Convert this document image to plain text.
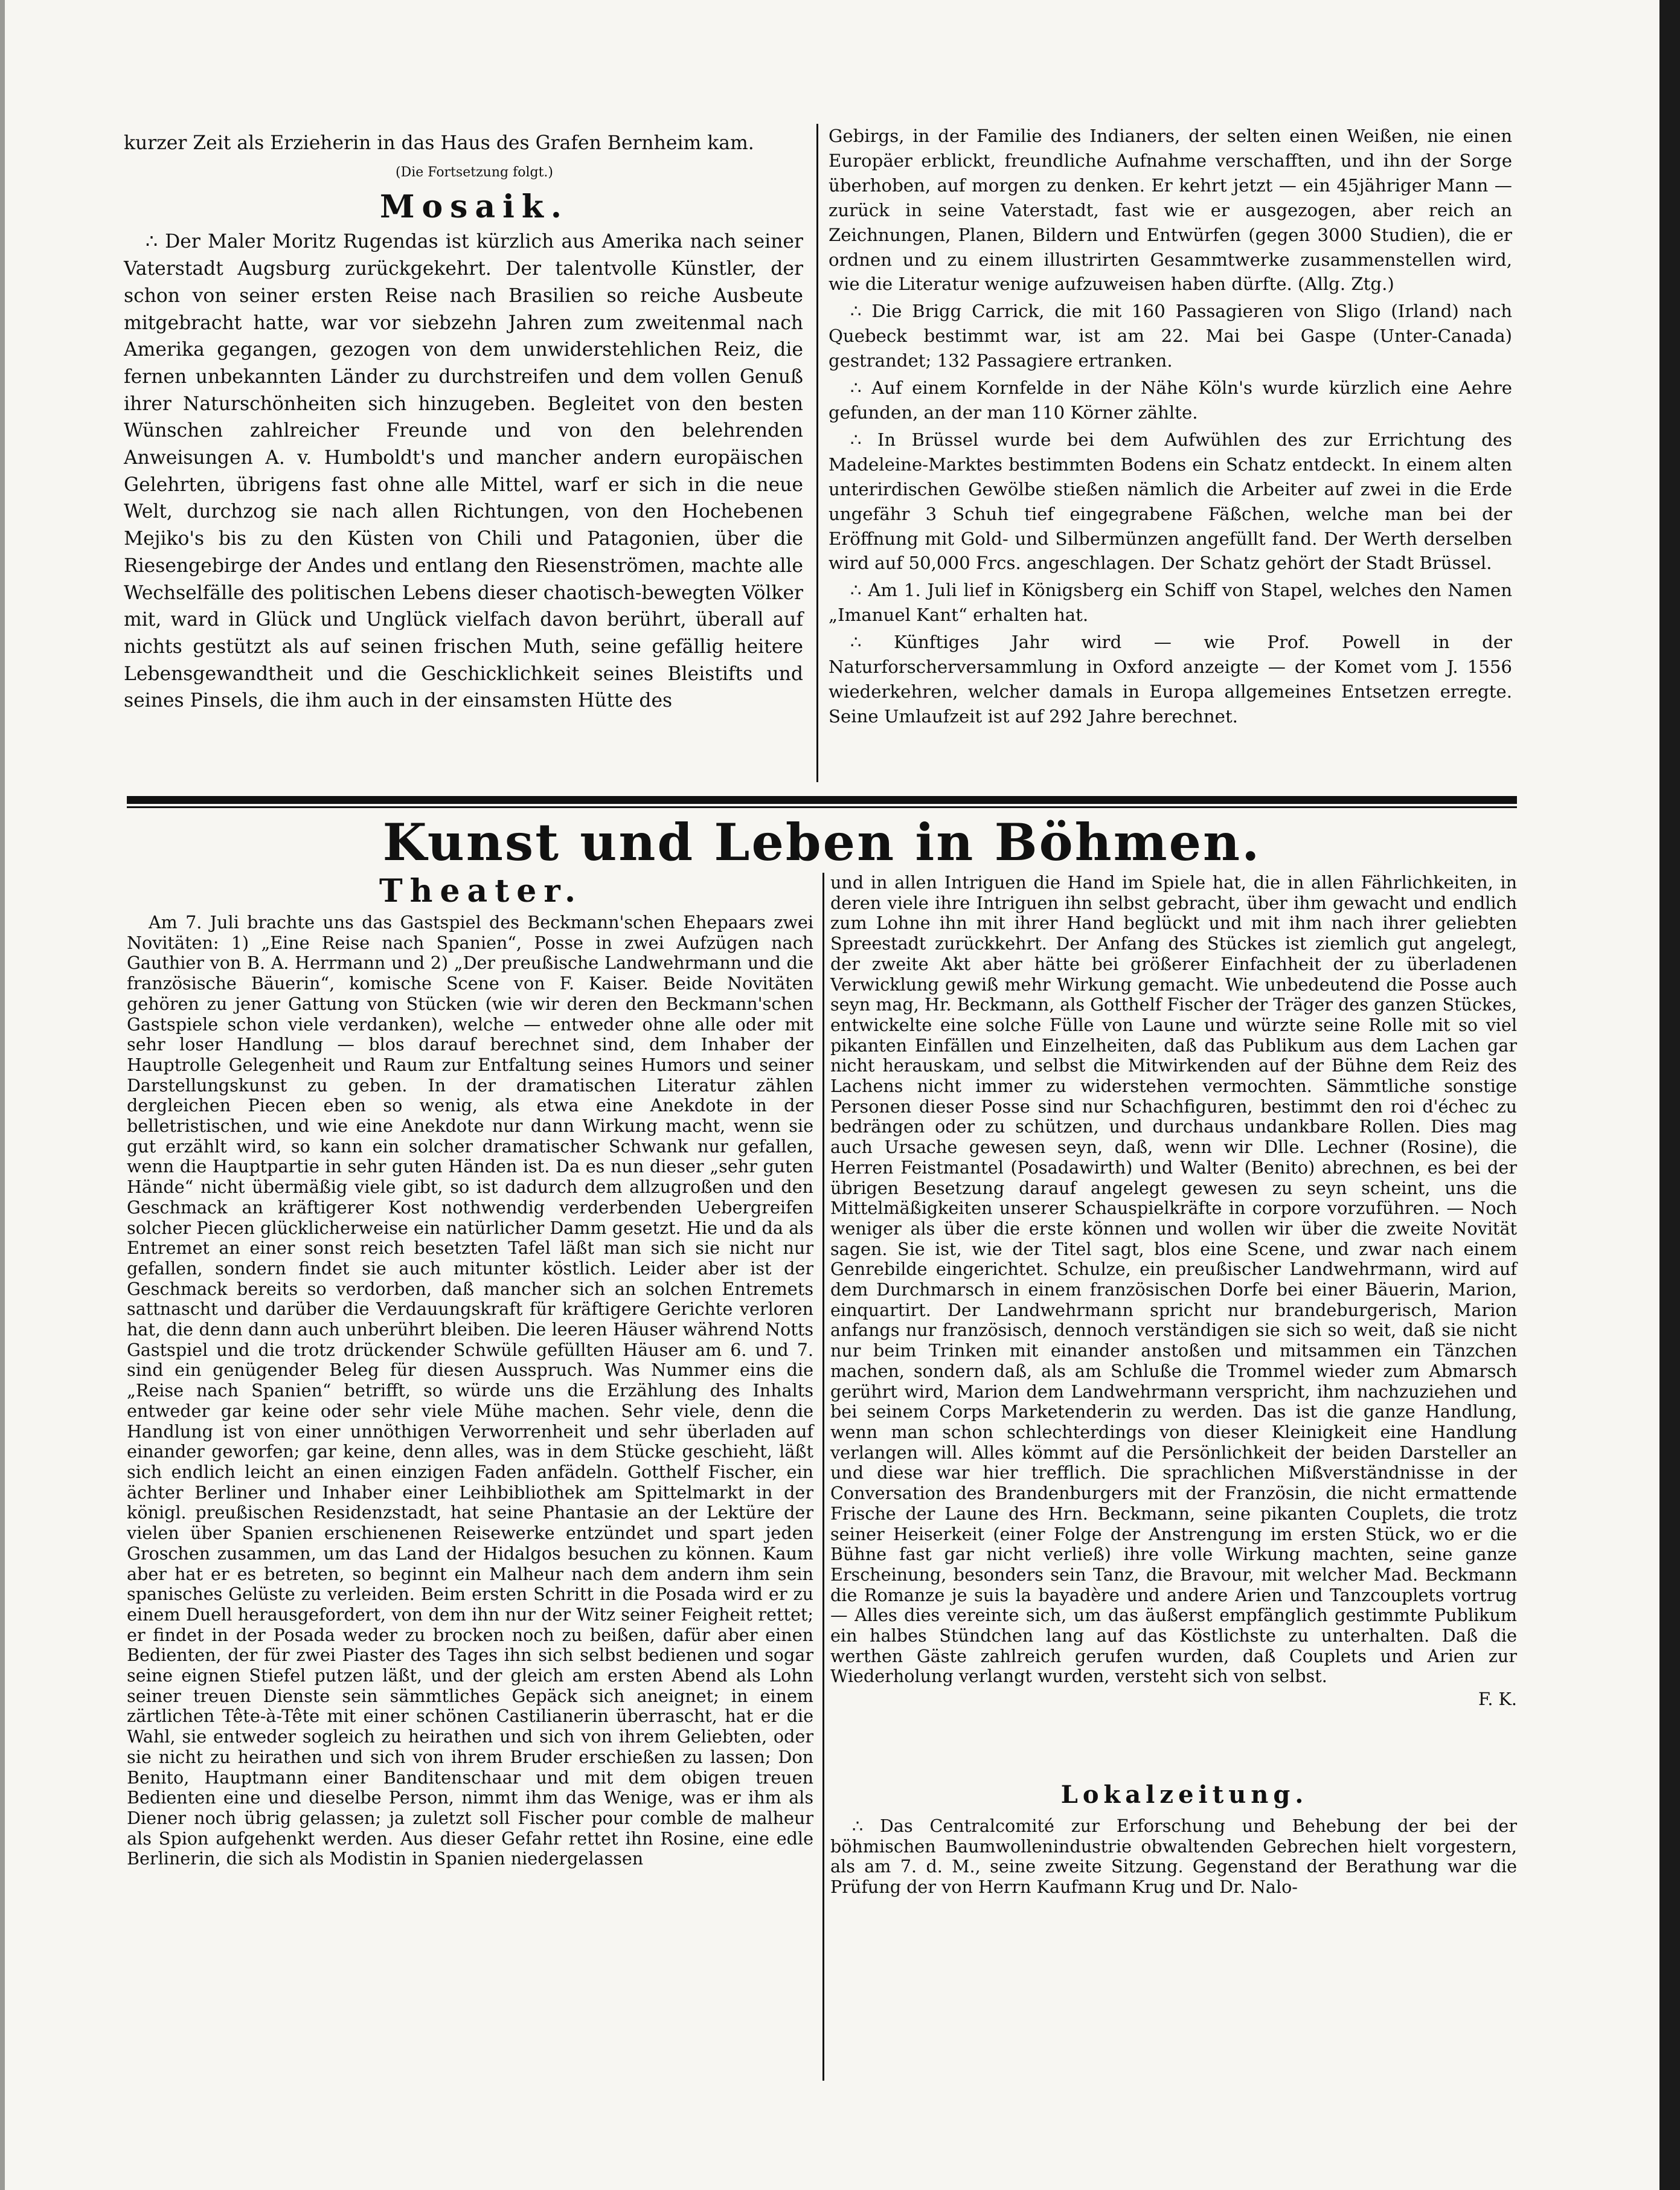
kurzer Zeit als Erzieherin in das Haus des Grafen Bernheim kam.

(Die Fortsetzung folgt.)

Mosaik.

∴ Der Maler Moritz Rugendas ist kürzlich aus Amerika nach seiner Vaterstadt Augsburg zurückgekehrt. Der talentvolle Künstler, der schon von seiner ersten Reise nach Brasilien so reiche Ausbeute mitgebracht hatte, war vor siebzehn Jahren zum zweitenmal nach Amerika gegangen, gezogen von dem unwiderstehlichen Reiz, die fernen unbekannten Länder zu durchstreifen und dem vollen Genuß ihrer Naturschönheiten sich hinzugeben. Begleitet von den besten Wünschen zahlreicher Freunde und von den belehrenden Anweisungen A. v. Humboldt's und mancher andern europäischen Gelehrten, übrigens fast ohne alle Mittel, warf er sich in die neue Welt, durchzog sie nach allen Richtungen, von den Hochebenen Mejiko's bis zu den Küsten von Chili und Patagonien, über die Riesengebirge der Andes und entlang den Riesenströmen, machte alle Wechselfälle des politischen Lebens dieser chaotisch-bewegten Völker mit, ward in Glück und Unglück vielfach davon berührt, überall auf nichts gestützt als auf seinen frischen Muth, seine gefällig heitere Lebensgewandtheit und die Geschicklichkeit seines Bleistifts und seines Pinsels, die ihm auch in der einsamsten Hütte des

Gebirgs, in der Familie des Indianers, der selten einen Weißen, nie einen Europäer erblickt, freundliche Aufnahme verschafften, und ihn der Sorge überhoben, auf morgen zu denken. Er kehrt jetzt — ein 45jähriger Mann — zurück in seine Vaterstadt, fast wie er ausgezogen, aber reich an Zeichnungen, Planen, Bildern und Entwürfen (gegen 3000 Studien), die er ordnen und zu einem illustrirten Gesammtwerke zusammenstellen wird, wie die Literatur wenige aufzuweisen haben dürfte. (Allg. Ztg.)

∴ Die Brigg Carrick, die mit 160 Passagieren von Sligo (Irland) nach Quebeck bestimmt war, ist am 22. Mai bei Gaspe (Unter-Canada) gestrandet; 132 Passagiere ertranken.

∴ Auf einem Kornfelde in der Nähe Köln's wurde kürzlich eine Aehre gefunden, an der man 110 Körner zählte.

∴ In Brüssel wurde bei dem Aufwühlen des zur Errichtung des Madeleine-Marktes bestimmten Bodens ein Schatz entdeckt. In einem alten unterirdischen Gewölbe stießen nämlich die Arbeiter auf zwei in die Erde ungefähr 3 Schuh tief eingegrabene Fäßchen, welche man bei der Eröffnung mit Gold- und Silbermünzen angefüllt fand. Der Werth derselben wird auf 50,000 Frcs. angeschlagen. Der Schatz gehört der Stadt Brüssel.

∴ Am 1. Juli lief in Königsberg ein Schiff von Stapel, welches den Namen „Imanuel Kant“ erhalten hat.

∴ Künftiges Jahr wird — wie Prof. Powell in der Naturforscherversammlung in Oxford anzeigte — der Komet vom J. 1556 wiederkehren, welcher damals in Europa allgemeines Entsetzen erregte. Seine Umlaufzeit ist auf 292 Jahre berechnet.

Kunst und Leben in Böhmen.

Theater.

Am 7. Juli brachte uns das Gastspiel des Beckmann'schen Ehepaars zwei Novitäten: 1) „Eine Reise nach Spanien“, Posse in zwei Aufzügen nach Gauthier von B. A. Herrmann und 2) „Der preußische Landwehrmann und die französische Bäuerin“, komische Scene von F. Kaiser. Beide Novitäten gehören zu jener Gattung von Stücken (wie wir deren den Beckmann'schen Gastspiele schon viele verdanken), welche — entweder ohne alle oder mit sehr loser Handlung — blos darauf berechnet sind, dem Inhaber der Hauptrolle Gelegenheit und Raum zur Entfaltung seines Humors und seiner Darstellungskunst zu geben. In der dramatischen Literatur zählen dergleichen Piecen eben so wenig, als etwa eine Anekdote in der belletristischen, und wie eine Anekdote nur dann Wirkung macht, wenn sie gut erzählt wird, so kann ein solcher dramatischer Schwank nur gefallen, wenn die Hauptpartie in sehr guten Händen ist. Da es nun dieser „sehr guten Hände“ nicht übermäßig viele gibt, so ist dadurch dem allzugroßen und den Geschmack an kräftigerer Kost nothwendig verderbenden Uebergreifen solcher Piecen glücklicherweise ein natürlicher Damm gesetzt. Hie und da als Entremet an einer sonst reich besetzten Tafel läßt man sich sie nicht nur gefallen, sondern findet sie auch mitunter köstlich. Leider aber ist der Geschmack bereits so verdorben, daß mancher sich an solchen Entremets sattnascht und darüber die Verdauungskraft für kräftigere Gerichte verloren hat, die denn dann auch unberührt bleiben. Die leeren Häuser während Notts Gastspiel und die trotz drückender Schwüle gefüllten Häuser am 6. und 7. sind ein genügender Beleg für diesen Ausspruch. Was Nummer eins die „Reise nach Spanien“ betrifft, so würde uns die Erzählung des Inhalts entweder gar keine oder sehr viele Mühe machen. Sehr viele, denn die Handlung ist von einer unnöthigen Verworrenheit und sehr überladen auf einander geworfen; gar keine, denn alles, was in dem Stücke geschieht, läßt sich endlich leicht an einen einzigen Faden anfädeln. Gotthelf Fischer, ein ächter Berliner und Inhaber einer Leihbibliothek am Spittelmarkt in der königl. preußischen Residenzstadt, hat seine Phantasie an der Lektüre der vielen über Spanien erschienenen Reisewerke entzündet und spart jeden Groschen zusammen, um das Land der Hidalgos besuchen zu können. Kaum aber hat er es betreten, so beginnt ein Malheur nach dem andern ihm sein spanisches Gelüste zu verleiden. Beim ersten Schritt in die Posada wird er zu einem Duell herausgefordert, von dem ihn nur der Witz seiner Feigheit rettet; er findet in der Posada weder zu brocken noch zu beißen, dafür aber einen Bedienten, der für zwei Piaster des Tages ihn sich selbst bedienen und sogar seine eignen Stiefel putzen läßt, und der gleich am ersten Abend als Lohn seiner treuen Dienste sein sämmtliches Gepäck sich aneignet; in einem zärtlichen Tête-à-Tête mit einer schönen Castilianerin überrascht, hat er die Wahl, sie entweder sogleich zu heirathen und sich von ihrem Geliebten, oder sie nicht zu heirathen und sich von ihrem Bruder erschießen zu lassen; Don Benito, Hauptmann einer Banditenschaar und mit dem obigen treuen Bedienten eine und dieselbe Person, nimmt ihm das Wenige, was er ihm als Diener noch übrig gelassen; ja zuletzt soll Fischer pour comble de malheur als Spion aufgehenkt werden. Aus dieser Gefahr rettet ihn Rosine, eine edle Berlinerin, die sich als Modistin in Spanien niedergelassen

und in allen Intriguen die Hand im Spiele hat, die in allen Fährlichkeiten, in deren viele ihre Intriguen ihn selbst gebracht, über ihm gewacht und endlich zum Lohne ihn mit ihrer Hand beglückt und mit ihm nach ihrer geliebten Spreestadt zurückkehrt. Der Anfang des Stückes ist ziemlich gut angelegt, der zweite Akt aber hätte bei größerer Einfachheit der zu überladenen Verwicklung gewiß mehr Wirkung gemacht. Wie unbedeutend die Posse auch seyn mag, Hr. Beckmann, als Gotthelf Fischer der Träger des ganzen Stückes, entwickelte eine solche Fülle von Laune und würzte seine Rolle mit so viel pikanten Einfällen und Einzelheiten, daß das Publikum aus dem Lachen gar nicht herauskam, und selbst die Mitwirkenden auf der Bühne dem Reiz des Lachens nicht immer zu widerstehen vermochten. Sämmtliche sonstige Personen dieser Posse sind nur Schachfiguren, bestimmt den roi d'échec zu bedrängen oder zu schützen, und durchaus undankbare Rollen. Dies mag auch Ursache gewesen seyn, daß, wenn wir Dlle. Lechner (Rosine), die Herren Feistmantel (Posadawirth) und Walter (Benito) abrechnen, es bei der übrigen Besetzung darauf angelegt gewesen zu seyn scheint, uns die Mittelmäßigkeiten unserer Schauspielkräfte in corpore vorzuführen. — Noch weniger als über die erste können und wollen wir über die zweite Novität sagen. Sie ist, wie der Titel sagt, blos eine Scene, und zwar nach einem Genrebilde eingerichtet. Schulze, ein preußischer Landwehrmann, wird auf dem Durchmarsch in einem französischen Dorfe bei einer Bäuerin, Marion, einquartirt. Der Landwehrmann spricht nur brandeburgerisch, Marion anfangs nur französisch, dennoch verständigen sie sich so weit, daß sie nicht nur beim Trinken mit einander anstoßen und mitsammen ein Tänzchen machen, sondern daß, als am Schluße die Trommel wieder zum Abmarsch gerührt wird, Marion dem Landwehrmann verspricht, ihm nachzuziehen und bei seinem Corps Marketenderin zu werden. Das ist die ganze Handlung, wenn man schon schlechterdings von dieser Kleinigkeit eine Handlung verlangen will. Alles kömmt auf die Persönlichkeit der beiden Darsteller an und diese war hier trefflich. Die sprachlichen Mißverständnisse in der Conversation des Brandenburgers mit der Französin, die nicht ermattende Frische der Laune des Hrn. Beckmann, seine pikanten Couplets, die trotz seiner Heiserkeit (einer Folge der Anstrengung im ersten Stück, wo er die Bühne fast gar nicht verließ) ihre volle Wirkung machten, seine ganze Erscheinung, besonders sein Tanz, die Bravour, mit welcher Mad. Beckmann die Romanze je suis la bayadère und andere Arien und Tanzcouplets vortrug — Alles dies vereinte sich, um das äußerst empfänglich gestimmte Publikum ein halbes Stündchen lang auf das Köstlichste zu unterhalten. Daß die werthen Gäste zahlreich gerufen wurden, daß Couplets und Arien zur Wiederholung verlangt wurden, versteht sich von selbst.

F. K.

Lokalzeitung.

∴ Das Centralcomité zur Erforschung und Behebung der bei der böhmischen Baumwollenindustrie obwaltenden Gebrechen hielt vorgestern, als am 7. d. M., seine zweite Sitzung. Gegenstand der Berathung war die Prüfung der von Herrn Kaufmann Krug und Dr. Nalo-
